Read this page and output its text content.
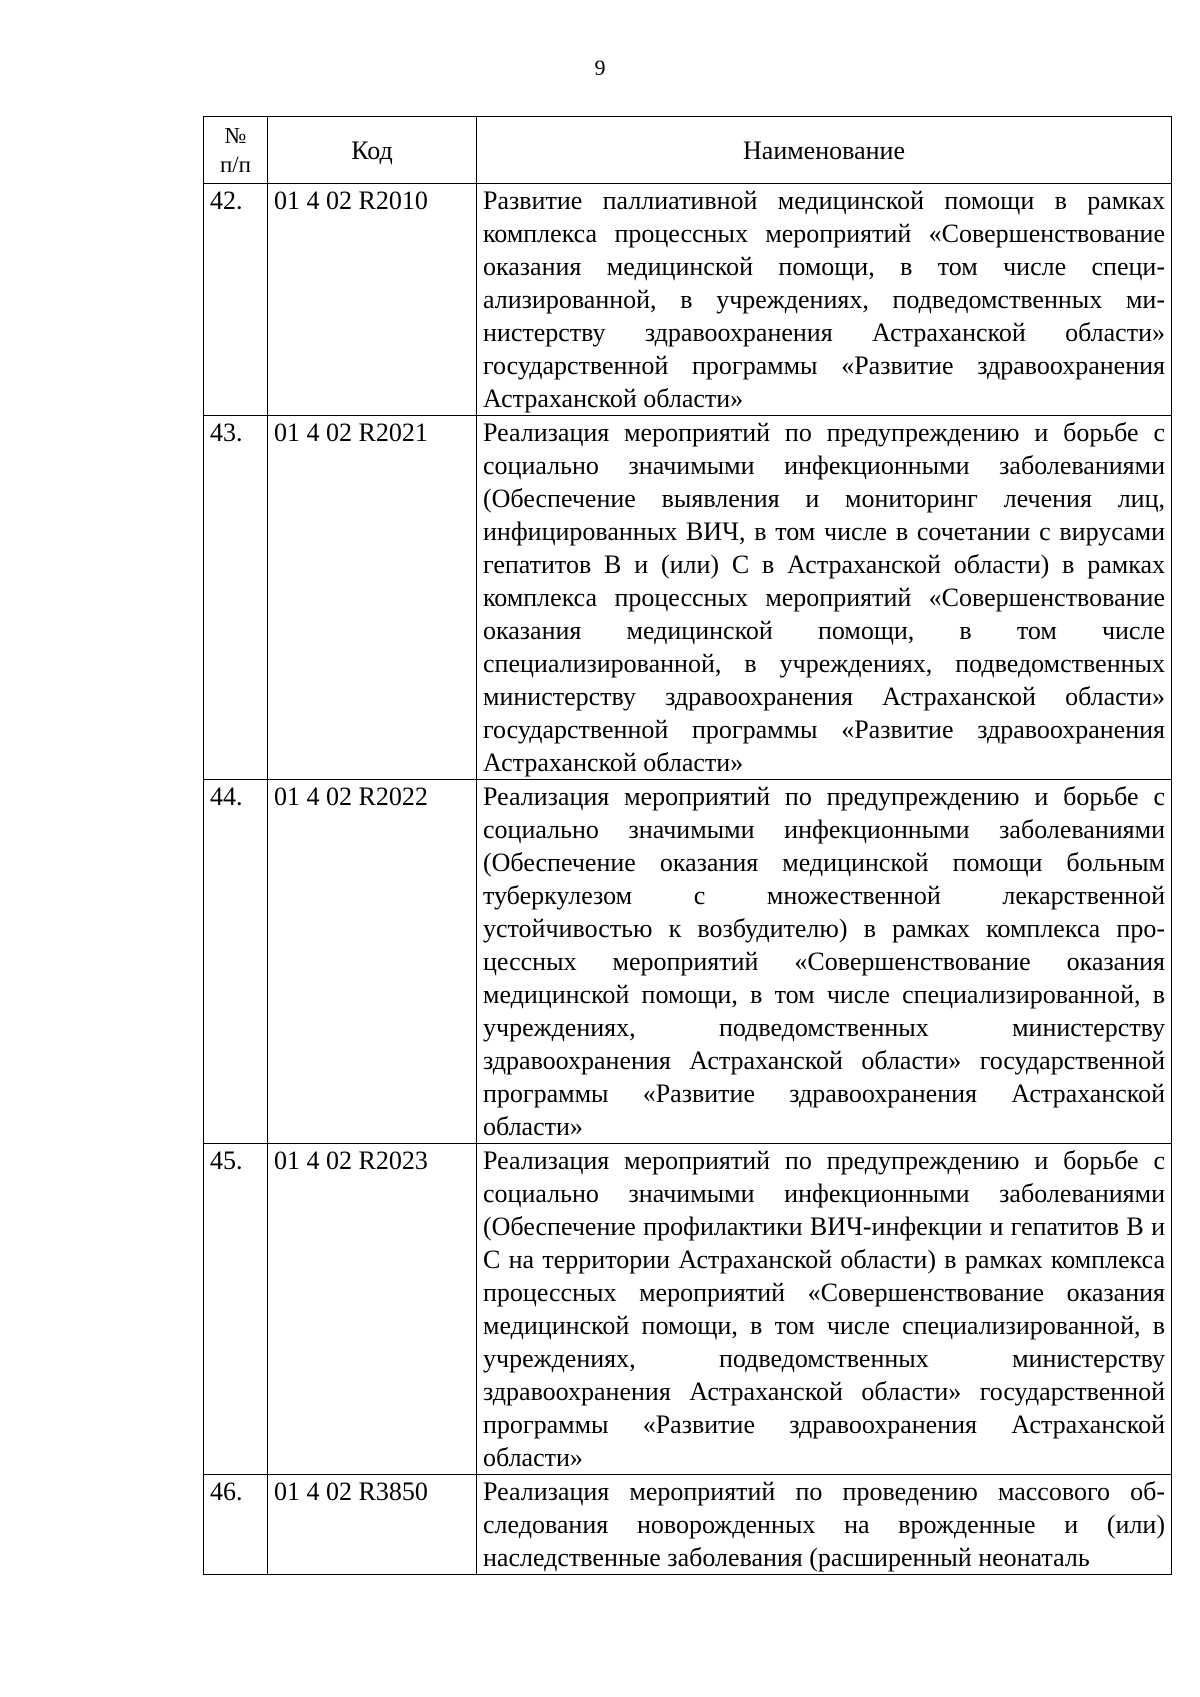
9
№
п/п	Код	Наименование
42.	01 4 02 R2010	Развитие паллиативной медицинской помощи в рамках комплекса процессных мероприятий «Совершенствование оказания медицинской помощи, в том числе специализированной, в учреждениях, подведомственных министерству здравоохранения Астраханской области» государственной программы «Развитие здравоохранения Астраханской области»
43.	01 4 02 R2021	Реализация мероприятий по предупреждению и борьбе с социально значимыми инфекционными заболеваниями (Обеспечение выявления и мониторинг лечения лиц, инфицированных ВИЧ, в том числе в сочетании с вирусами гепатитов B и (или) C в Астраханской области) в рамках комплекса процессных мероприятий «Совершенствование оказания медицинской помощи, в том числе специализированной, в учреждениях, подведомственных министерству здравоохранения Астраханской области» государственной программы «Развитие здравоохранения Астраханской области»
44.	01 4 02 R2022	Реализация мероприятий по предупреждению и борьбе с социально значимыми инфекционными заболеваниями (Обеспечение оказания медицинской помощи больным туберкулезом с множественной лекарственной устойчивостью к возбудителю) в рамках комплекса процессных мероприятий «Совершенствование оказания медицинской помощи, в том числе специализированной, в учреждениях, подведомственных министерству здравоохранения Астраханской области» государственной программы «Развитие здравоохранения Астраханской области»
45.	01 4 02 R2023	Реализация мероприятий по предупреждению и борьбе с социально значимыми инфекционными заболеваниями (Обеспечение профилактики ВИЧ-инфекции и гепатитов B и C на территории Астраханской области) в рамках комплекса процессных мероприятий «Совершенствование оказания медицинской помощи, в том числе специализированной, в учреждениях, подведомственных министерству здравоохранения Астраханской области» государственной программы «Развитие здравоохранения Астраханской области»
46.	01 4 02 R3850	Реализация мероприятий по проведению массового обследования новорожденных на врожденные и (или) наследственные заболевания (расширенный неонаталь
